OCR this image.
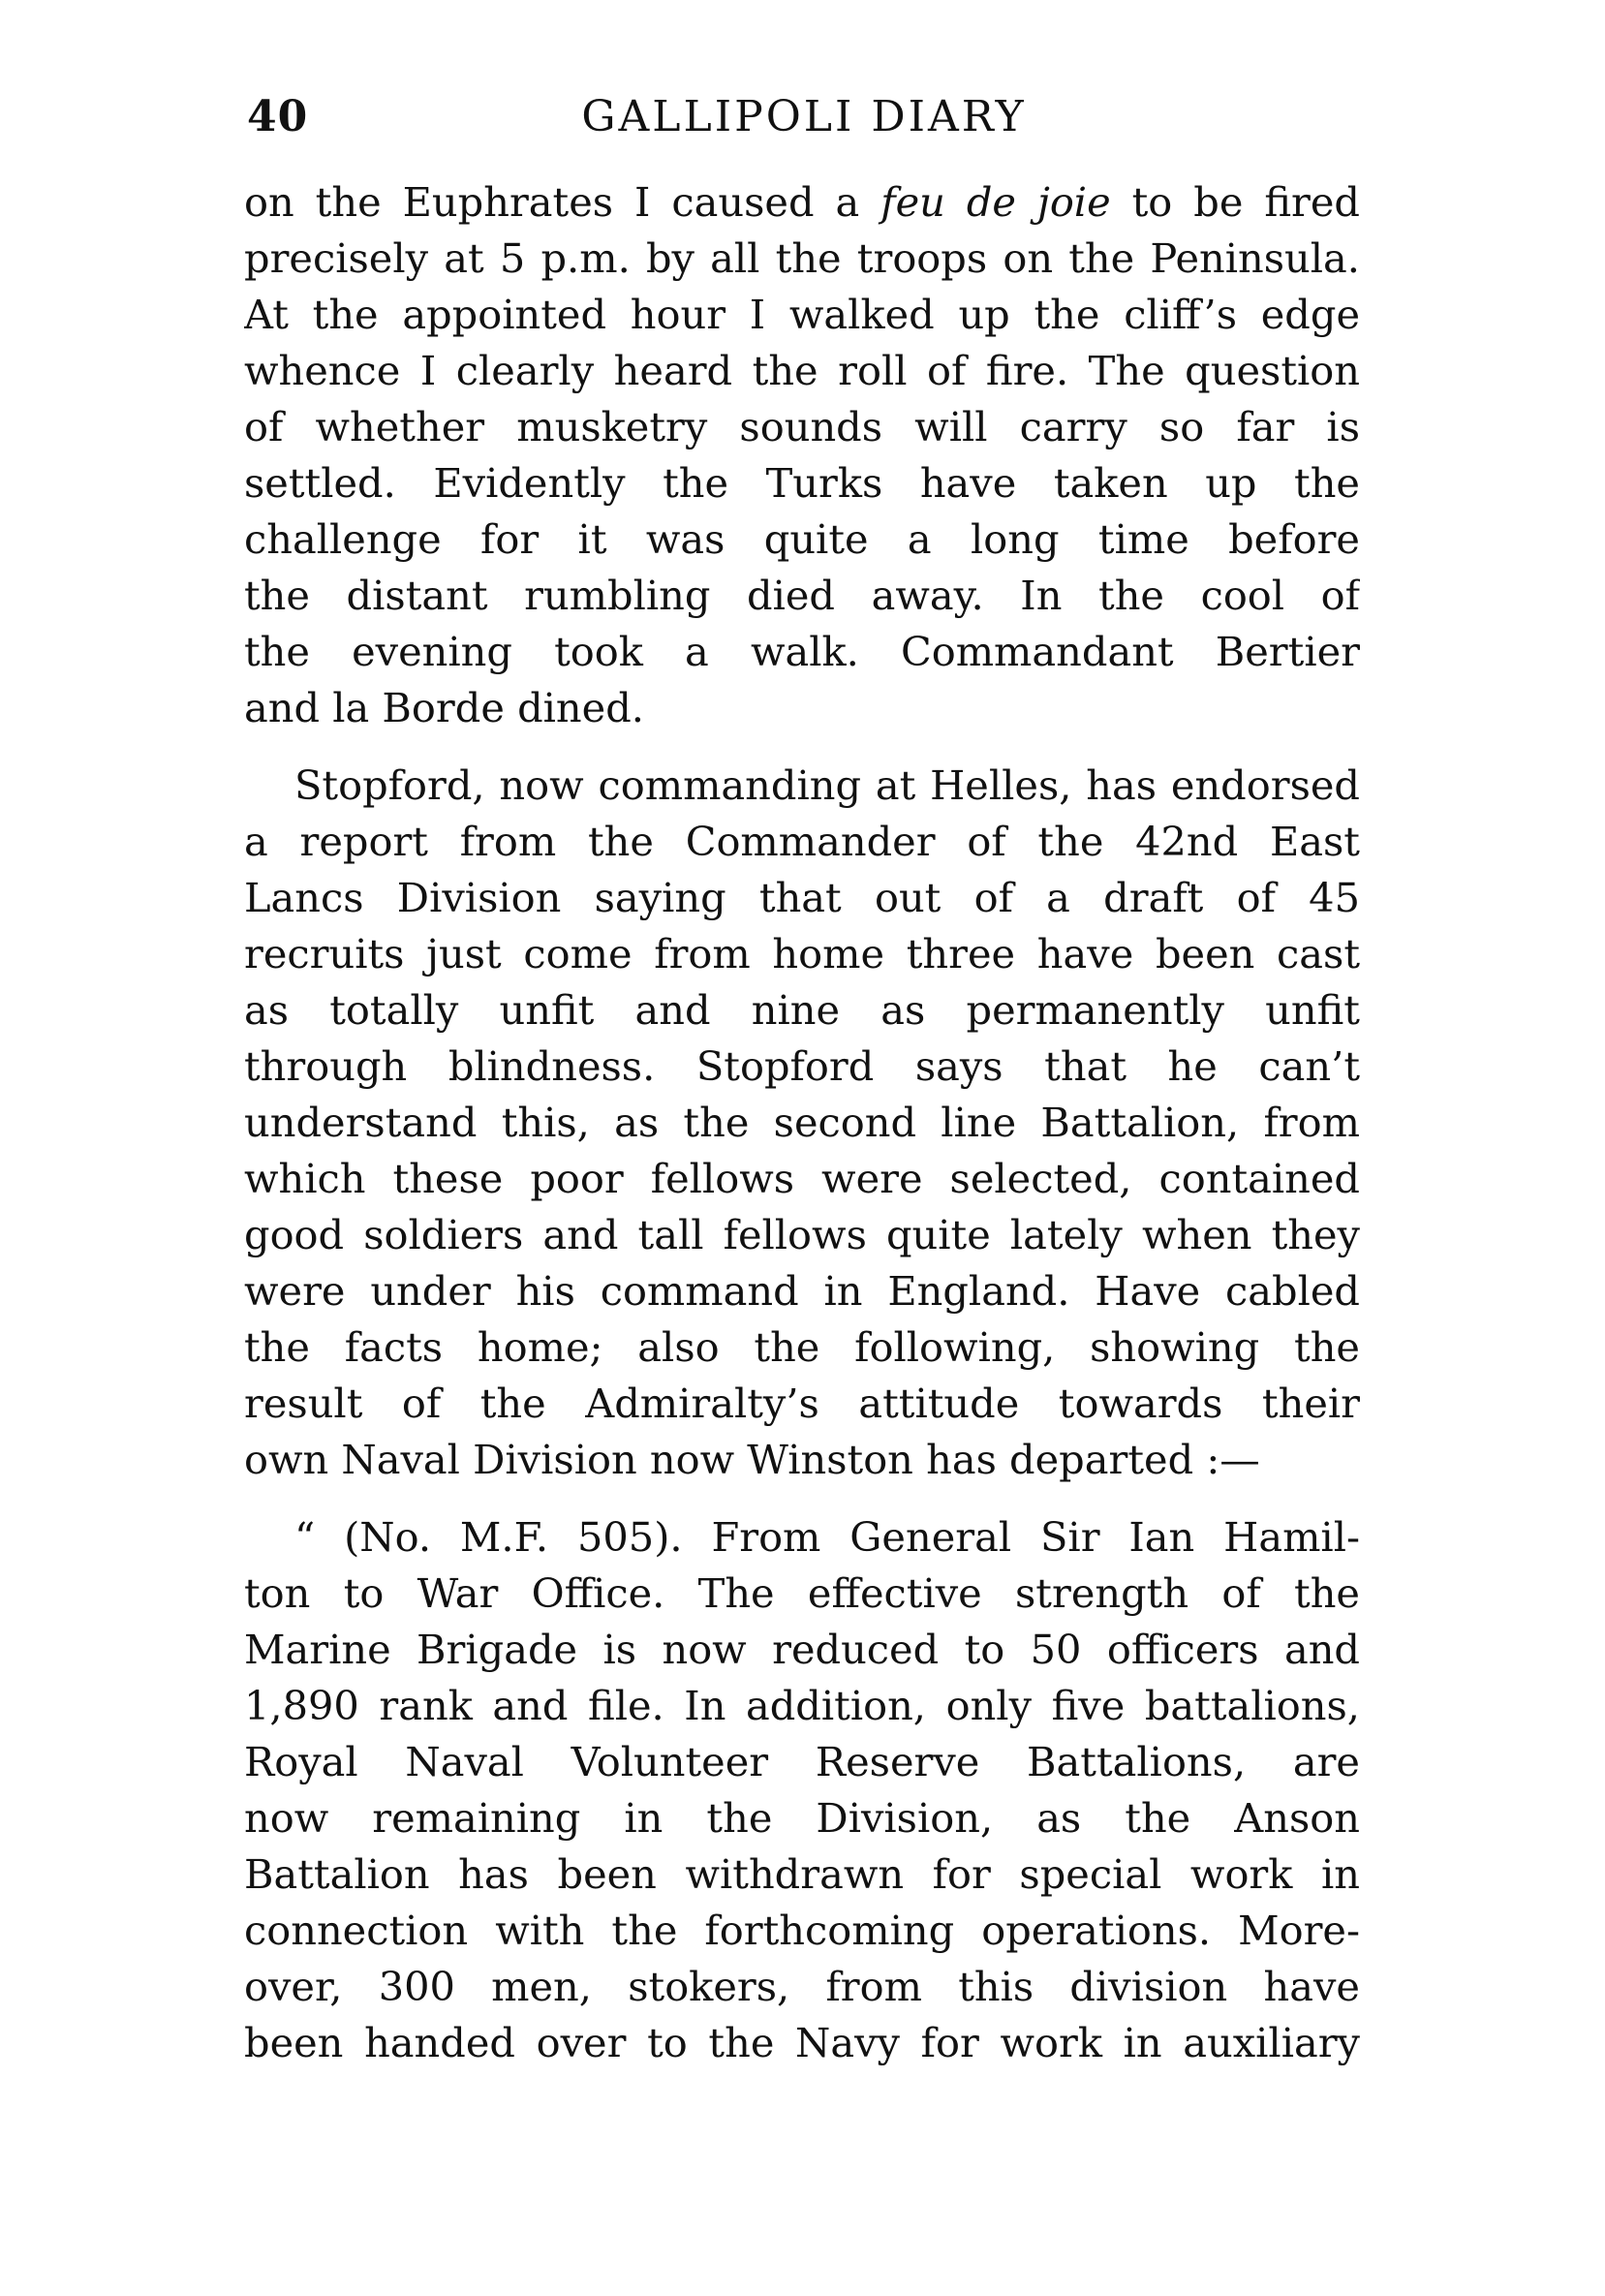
GALLIPOLI DIARY
40
on the Euphrates I caused a feu de joie to be fired
precisely at 5 p.m. by all the troops on the Peninsula.
At the appointed hour I walked up the cliff’s edge
whence I clearly heard the roll of fire. The question
of whether musketry sounds will carry so far is
settled. Evidently the Turks have taken up the
challenge for it was quite a long time before
the distant rumbling died away. In the cool of
the evening took a walk. Commandant Bertier
and la Borde dined.
Stopford, now commanding at Helles, has endorsed
a report from the Commander of the 42nd East
Lancs Division saying that out of a draft of 45
recruits just come from home three have been cast
as totally unfit and nine as permanently unfit
through blindness. Stopford says that he can’t
understand this, as the second line Battalion, from
which these poor fellows were selected, contained
good soldiers and tall fellows quite lately when they
were under his command in England. Have cabled
the facts home; also the following, showing the
result of the Admiralty’s attitude towards their
own Naval Division now Winston has departed :—
“ (No. M.F. 505). From General Sir Ian Hamil-
ton to War Office. The effective strength of the
Marine Brigade is now reduced to 50 officers and
1,890 rank and file. In addition, only five battalions,
Royal Naval Volunteer Reserve Battalions, are
now remaining in the Division, as the Anson
Battalion has been withdrawn for special work in
connection with the forthcoming operations. More-
over, 300 men, stokers, from this division have
been handed over to the Navy for work in auxiliary
